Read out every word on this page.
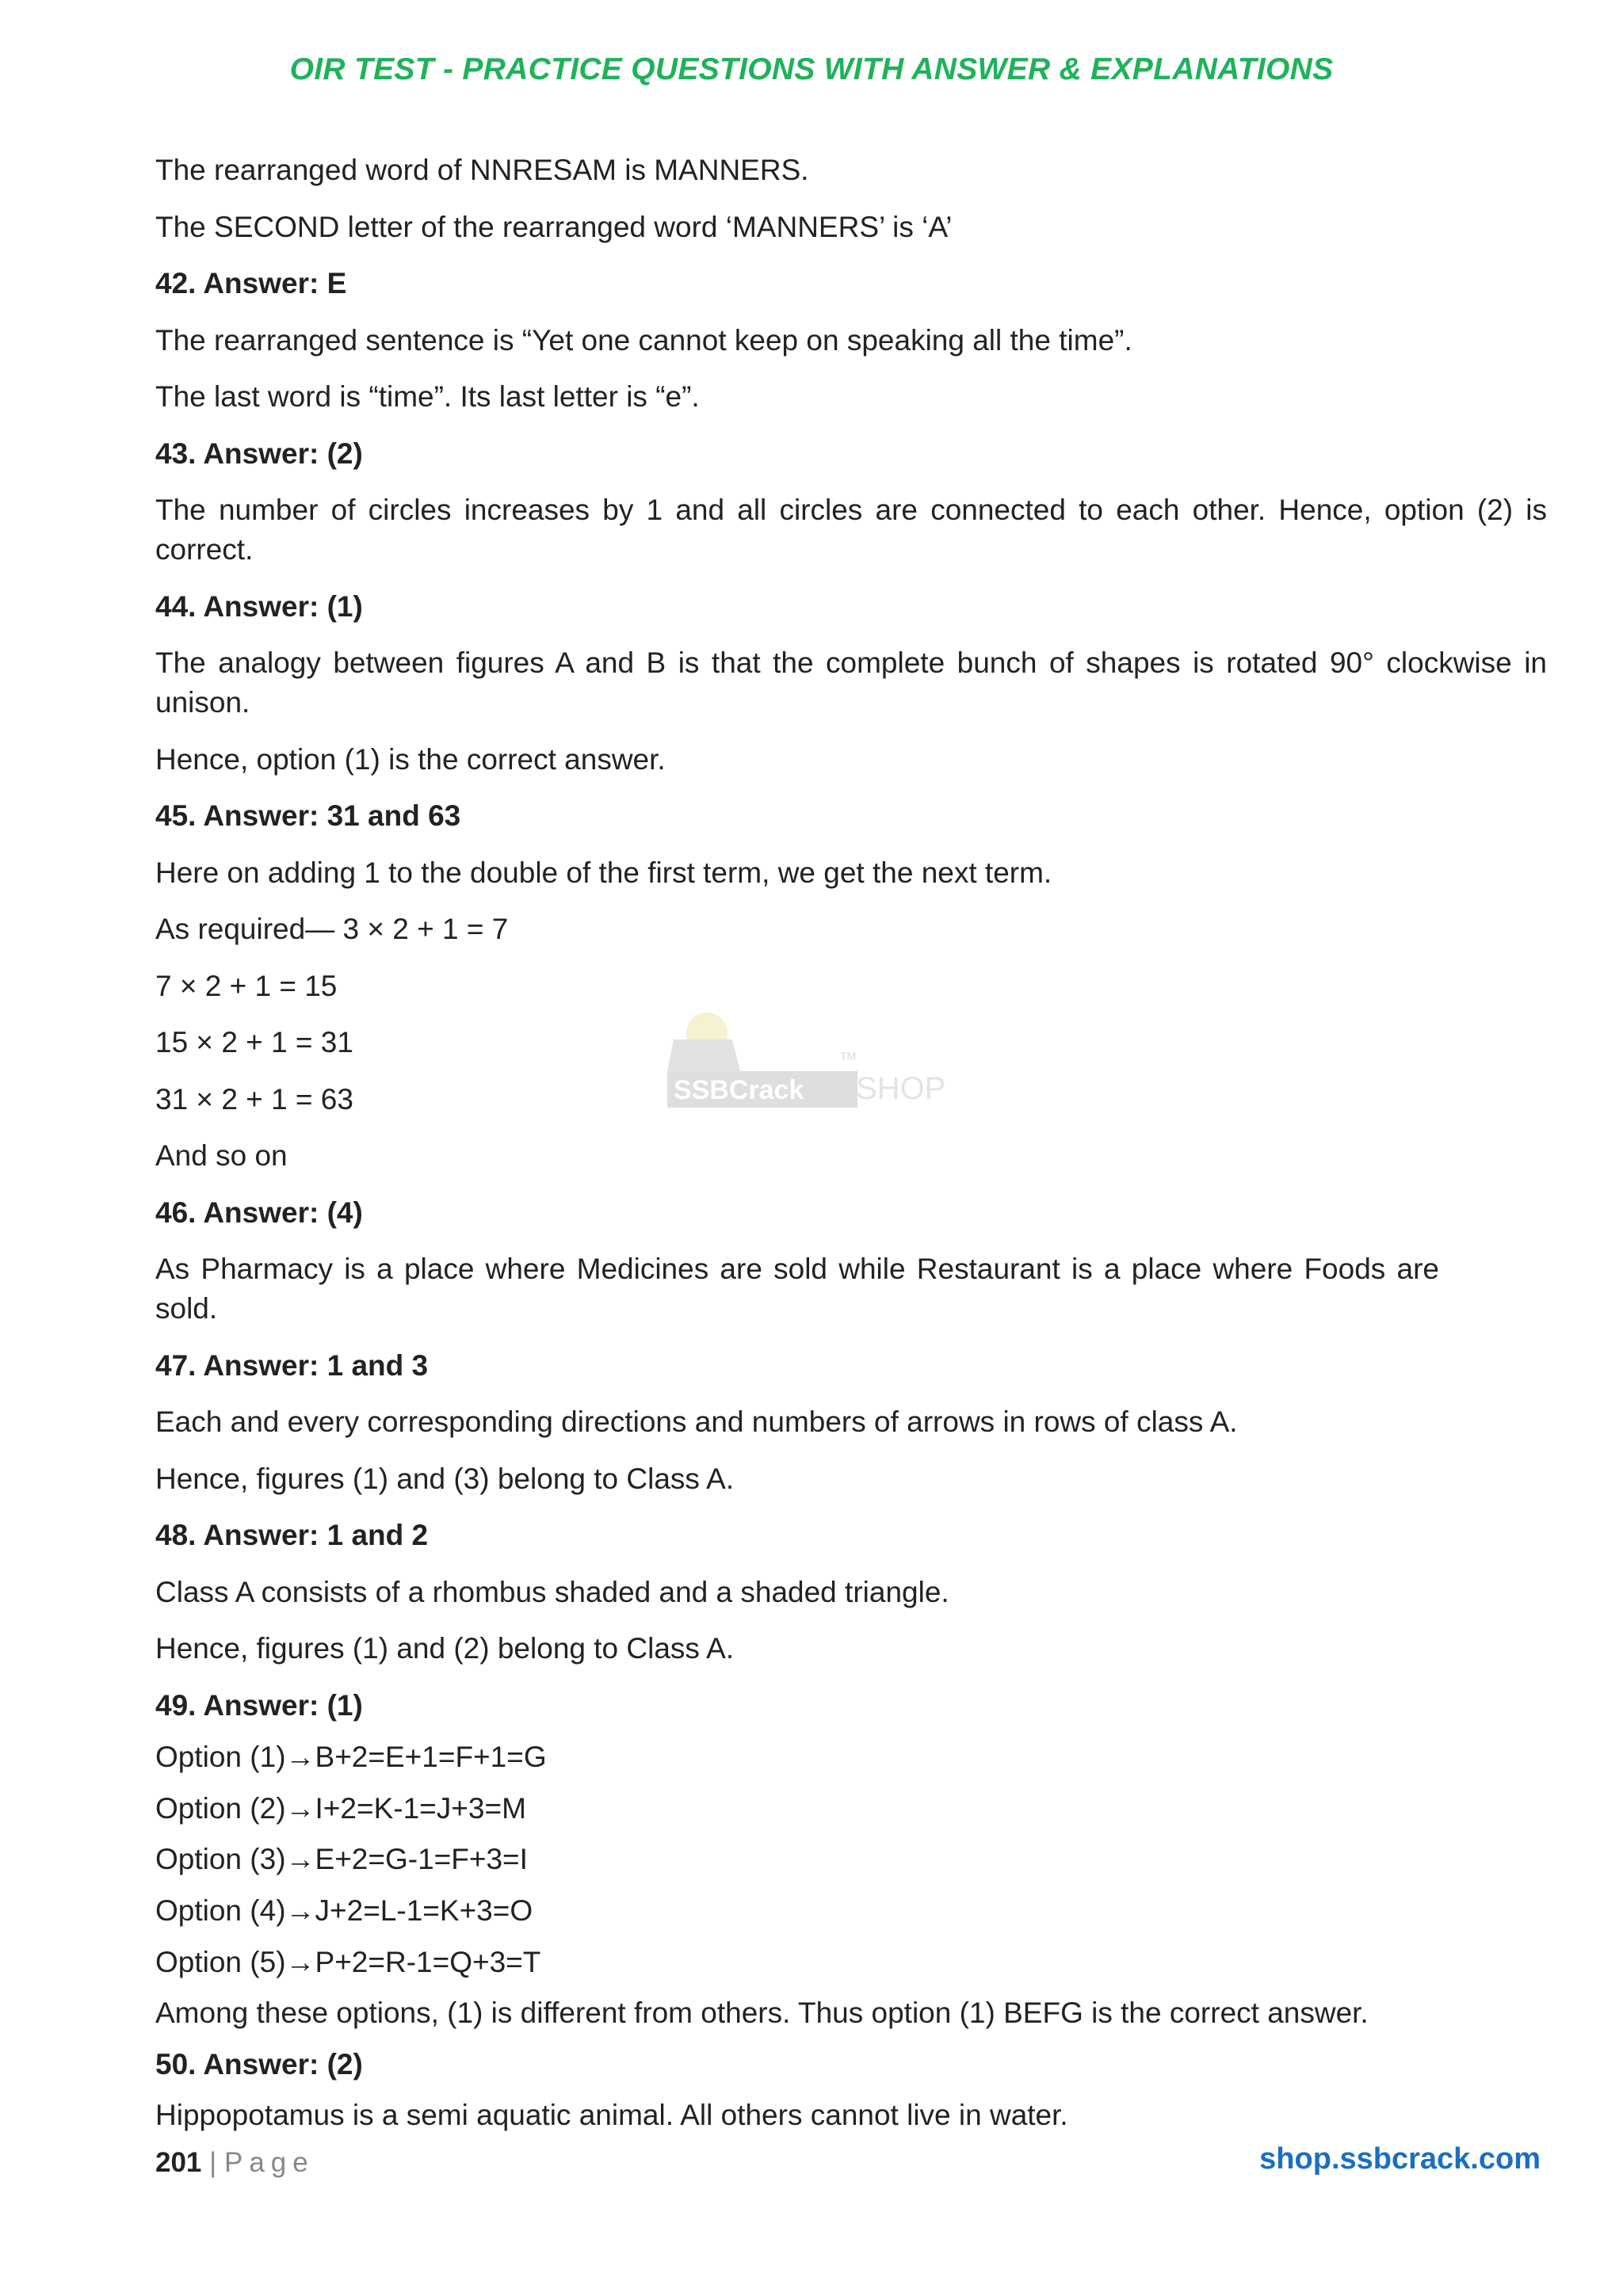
OIR TEST - PRACTICE QUESTIONS WITH ANSWER & EXPLANATIONS
The rearranged word of NNRESAM is MANNERS.
The SECOND letter of the rearranged word ‘MANNERS’ is ‘A’
42. Answer: E
The rearranged sentence is “Yet one cannot keep on speaking all the time”.
The last word is “time”. Its last letter is “e”.
43. Answer: (2)
The number of circles increases by 1 and all circles are connected to each other. Hence, option (2) is correct.
44. Answer: (1)
The analogy between figures A and B is that the complete bunch of shapes is rotated 90° clockwise in unison.
Hence, option (1) is the correct answer.
45. Answer: 31 and 63
Here on adding 1 to the double of the first term, we get the next term.
As required— 3 × 2 + 1 = 7
7 × 2 + 1 = 15
15 × 2 + 1 = 31
31 × 2 + 1 = 63
And so on
46. Answer: (4)
As Pharmacy is a place where Medicines are sold while Restaurant is a place where Foods are sold.
47. Answer: 1 and 3
Each and every corresponding directions and numbers of arrows in rows of class A.
Hence, figures (1) and (3) belong to Class A.
48. Answer: 1 and 2
Class A consists of a rhombus shaded and a shaded triangle.
Hence, figures (1) and (2) belong to Class A.
49. Answer: (1)
Option (1)→B+2=E+1=F+1=G
Option (2)→I+2=K-1=J+3=M
Option (3)→E+2=G-1=F+3=I
Option (4)→J+2=L-1=K+3=O
Option (5)→P+2=R-1=Q+3=T
Among these options, (1) is different from others. Thus option (1) BEFG is the correct answer.
50. Answer: (2)
Hippopotamus is a semi aquatic animal. All others cannot live in water.
SSBCrack SHOP
TM
201 | Page	shop.ssbcrack.com
